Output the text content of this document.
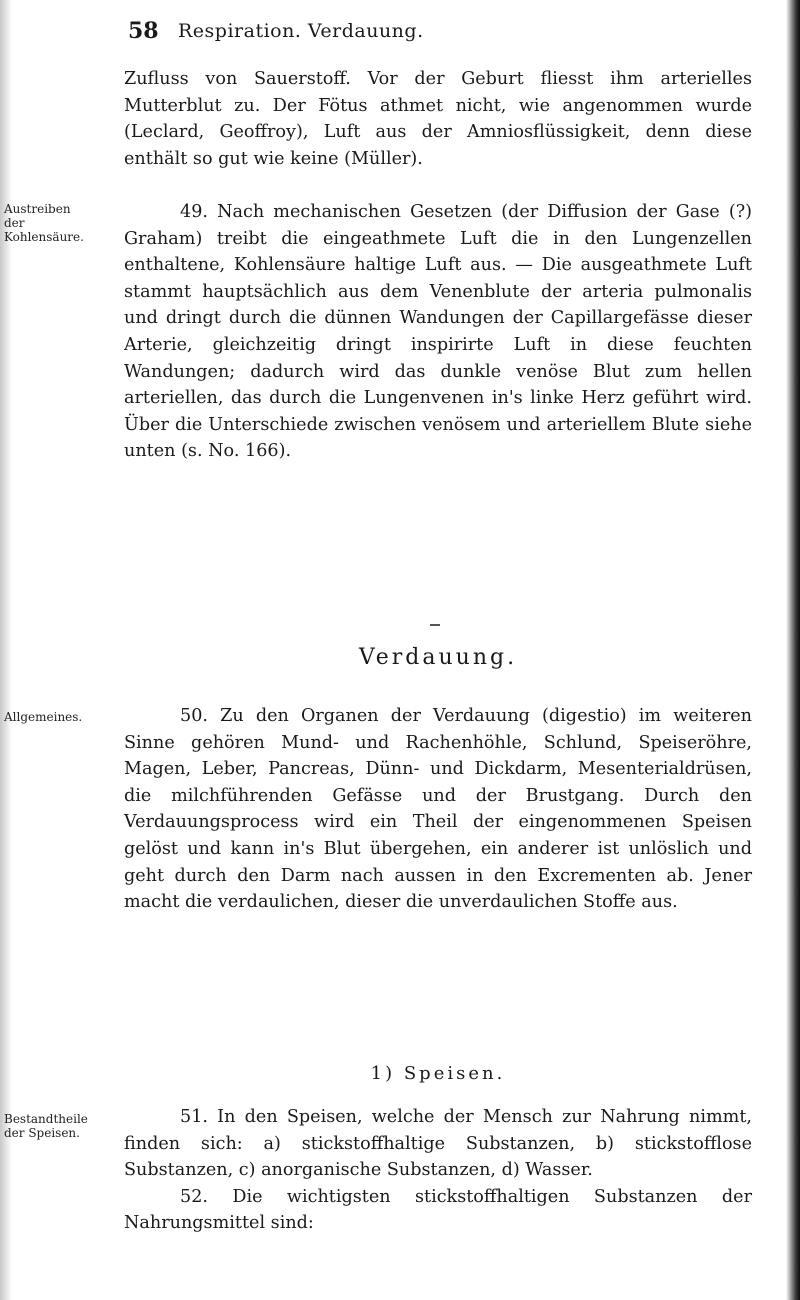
58 Respiration. Verdauung.

Zufluss von Sauerstoff. Vor der Geburt fliesst ihm arterielles Mutterblut zu. Der Fötus athmet nicht, wie angenommen wurde (Leclard, Geoffroy), Luft aus der Amniosflüssigkeit, denn diese enthält so gut wie keine (Müller).

Austreiben der Kohlensäure.

49. Nach mechanischen Gesetzen (der Diffusion der Gase (?) Graham) treibt die eingeathmete Luft die in den Lungenzellen enthaltene, Kohlensäure haltige Luft aus. — Die ausgeathmete Luft stammt hauptsächlich aus dem Venenblute der arteria pulmonalis und dringt durch die dünnen Wandungen der Capillargefässe dieser Arterie, gleichzeitig dringt inspirirte Luft in diese feuchten Wandungen; dadurch wird das dunkle venöse Blut zum hellen arteriellen, das durch die Lungenvenen in's linke Herz geführt wird. Über die Unterschiede zwischen venösem und arteriellem Blute siehe unten (s. No. 166).

Verdauung.
Allgemeines.	50. Zu den Organen der Verdauung (digestio) im weiteren Sinne gehören Mund- und Rachenhöhle, Schlund, Speiseröhre, Magen, Leber, Pancreas, Dünn- und Dickdarm, Mesenterialdrüsen, die milchführenden Gefässe und der Brustgang. Durch den Verdauungsprocess wird ein Theil der eingenommenen Speisen gelöst und kann in's Blut übergehen, ein anderer ist unlöslich und geht durch den Darm nach aussen in den Excrementen ab. Jener macht die verdaulichen, dieser die unverdaulichen Stoffe aus.

1) Speisen.
Bestandtheile der Speisen.

51. In den Speisen, welche der Mensch zur Nahrung nimmt, finden sich: a) stickstoffhaltige Substanzen, b) stickstofflose Substanzen, c) anorganische Substanzen, d) Wasser.

52. Die wichtigsten stickstoffhaltigen Substanzen der Nahrungsmittel sind:
